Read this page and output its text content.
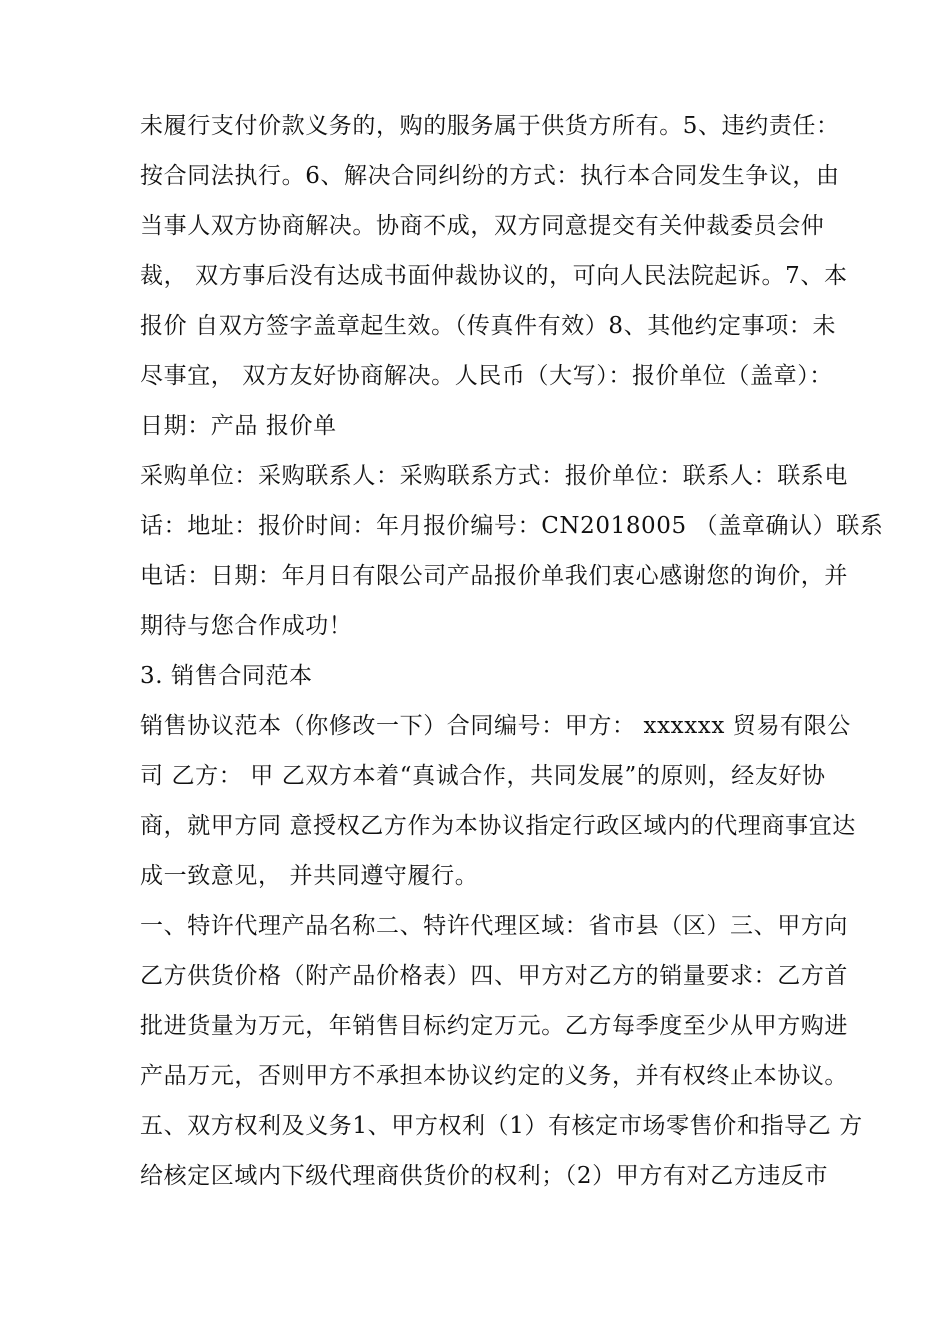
未履行支付价款义务的，购的服务属于供货方所有。5、违约责任：
按合同法执行。6、解决合同纠纷的方式：执行本合同发生争议，由
当事人双方协商解决。协商不成，双方同意提交有关仲裁委员会仲
裁， 双方事后没有达成书面仲裁协议的，可向人民法院起诉。7、本
报价 自双方签字盖章起生效。（传真件有效）8、其他约定事项：未
尽事宜， 双方友好协商解决。人民币（大写）：报价单位（盖章）：
日期：产品 报价单
采购单位：采购联系人：采购联系方式：报价单位：联系人：联系电
话：地址：报价时间：年月报价编号：CN2018005 （盖章确认）联系
电话：日期：年月日有限公司产品报价单我们衷心感谢您的询价，并
期待与您合作成功！
3. 销售合同范本
销售协议范本（你修改一下）合同编号：甲方： xxxxxx 贸易有限公
司 乙方： 甲 乙双方本着“真诚合作，共同发展”的原则，经友好协
商，就甲方同 意授权乙方作为本协议指定行政区域内的代理商事宜达
成一致意见， 并共同遵守履行。
一、特许代理产品名称二、特许代理区域：省市县（区）三、甲方向
乙方供货价格（附产品价格表）四、甲方对乙方的销量要求：乙方首
批进货量为万元，年销售目标约定万元。乙方每季度至少从甲方购进
产品万元，否则甲方不承担本协议约定的义务，并有权终止本协议。
五、双方权利及义务1、甲方权利（1）有核定市场零售价和指导乙 方
给核定区域内下级代理商供货价的权利；（2）甲方有对乙方违反市
